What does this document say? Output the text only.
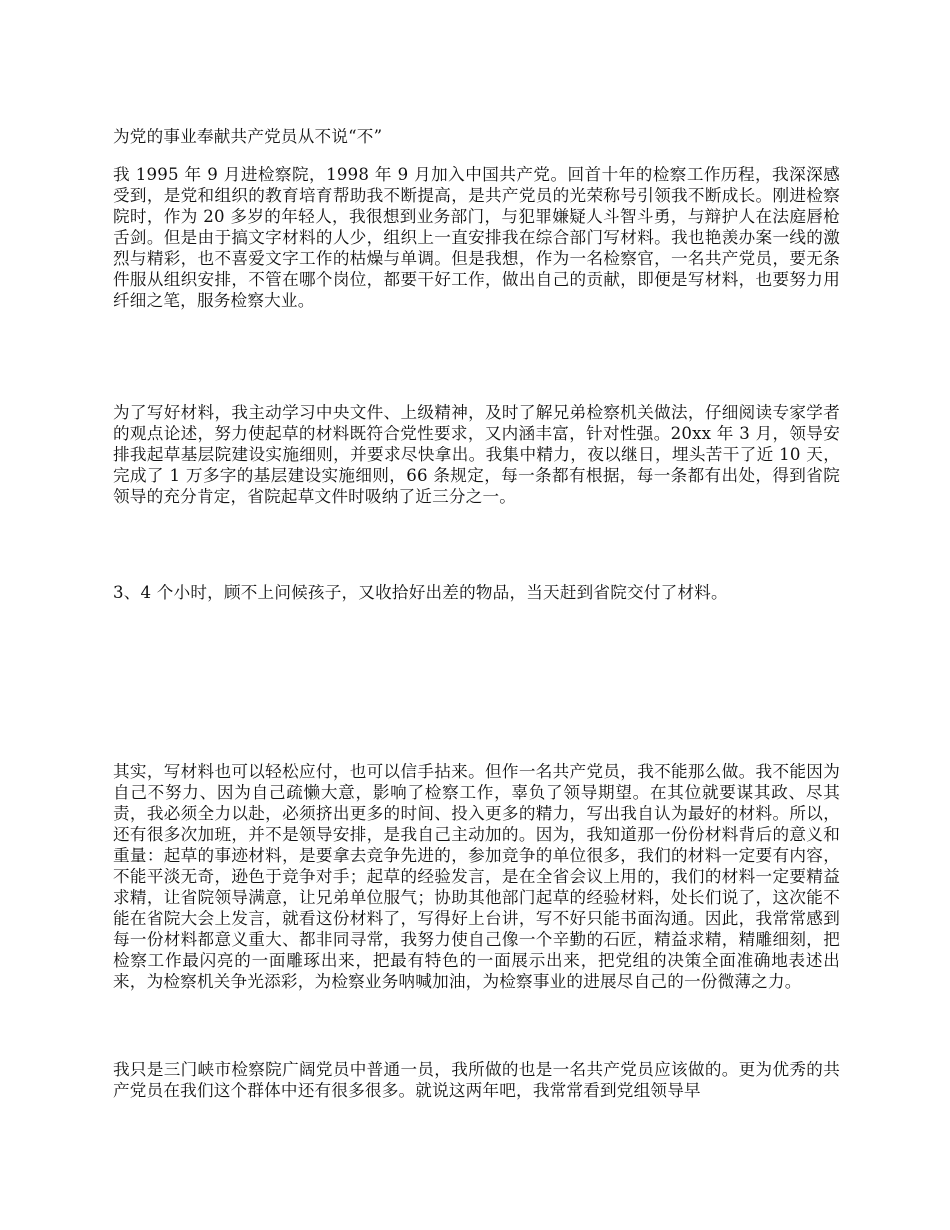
为党的事业奉献共产党员从不说“不”

我 1995 年 9 月进检察院，1998 年 9 月加入中国共产党。回首十年的检察工作历程，我深深感受到，是党和组织的教育培育帮助我不断提高，是共产党员的光荣称号引领我不断成长。刚进检察院时，作为 20 多岁的年轻人，我很想到业务部门，与犯罪嫌疑人斗智斗勇，与辩护人在法庭唇枪舌剑。但是由于搞文字材料的人少，组织上一直安排我在综合部门写材料。我也艳羡办案一线的激烈与精彩，也不喜爱文字工作的枯燥与单调。但是我想，作为一名检察官，一名共产党员，要无条件服从组织安排，不管在哪个岗位，都要干好工作，做出自己的贡献，即便是写材料，也要努力用纤细之笔，服务检察大业。

为了写好材料，我主动学习中央文件、上级精神，及时了解兄弟检察机关做法，仔细阅读专家学者的观点论述，努力使起草的材料既符合党性要求，又内涵丰富，针对性强。20xx 年 3 月，领导安排我起草基层院建设实施细则，并要求尽快拿出。我集中精力，夜以继日，埋头苦干了近 10 天，完成了 1 万多字的基层建设实施细则，66 条规定，每一条都有根据，每一条都有出处，得到省院领导的充分肯定，省院起草文件时吸纳了近三分之一。

3、4 个小时，顾不上问候孩子，又收拾好出差的物品，当天赶到省院交付了材料。

其实，写材料也可以轻松应付，也可以信手拈来。但作一名共产党员，我不能那么做。我不能因为自己不努力、因为自己疏懒大意，影响了检察工作，辜负了领导期望。在其位就要谋其政、尽其责，我必须全力以赴，必须挤出更多的时间、投入更多的精力，写出我自认为最好的材料。所以，还有很多次加班，并不是领导安排，是我自己主动加的。因为，我知道那一份份材料背后的意义和重量：起草的事迹材料，是要拿去竞争先进的，参加竞争的单位很多，我们的材料一定要有内容，不能平淡无奇，逊色于竞争对手；起草的经验发言，是在全省会议上用的，我们的材料一定要精益求精，让省院领导满意，让兄弟单位服气；协助其他部门起草的经验材料，处长们说了，这次能不能在省院大会上发言，就看这份材料了，写得好上台讲，写不好只能书面沟通。因此，我常常感到每一份材料都意义重大、都非同寻常，我努力使自己像一个辛勤的石匠，精益求精，精雕细刻，把检察工作最闪亮的一面雕琢出来，把最有特色的一面展示出来，把党组的决策全面准确地表述出来，为检察机关争光添彩，为检察业务呐喊加油，为检察事业的进展尽自己的一份微薄之力。

我只是三门峡市检察院广阔党员中普通一员，我所做的也是一名共产党员应该做的。更为优秀的共产党员在我们这个群体中还有很多很多。就说这两年吧，我常常看到党组领导早
